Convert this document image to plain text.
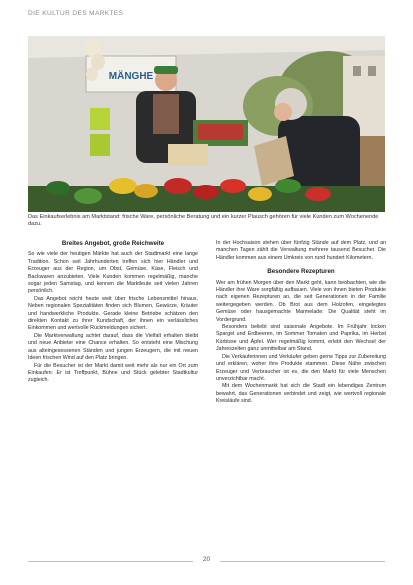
DIE KULTUR DES MARKTES
MÄNGHE
Das Einkaufserlebnis am Marktstand: frische Ware, persönliche Beratung und ein kurzer Plausch gehören für viele Kunden zum Wochenende dazu.
Breites Angebot, große Reichweite

So wie viele der heutigen Märkte hat auch der Stadtmarkt eine lange Tradition. Schon seit Jahrhunderten treffen sich hier Händler und Erzeuger aus der Region, um Obst, Gemüse, Käse, Fleisch und Backwaren anzubieten. Viele Kunden kommen regelmäßig, manche sogar jeden Samstag, und kennen die Marktleute seit vielen Jahren persönlich.

Das Angebot reicht heute weit über frische Lebensmittel hinaus. Neben regionalen Spezialitäten finden sich Blumen, Gewürze, Kräuter und handwerkliche Produkte. Gerade kleine Betriebe schätzen den direkten Kontakt zu ihrer Kundschaft, der ihnen ein verlässliches Einkommen und wertvolle Rückmeldungen sichert.

Die Marktverwaltung achtet darauf, dass die Vielfalt erhalten bleibt und neue Anbieter eine Chance erhalten. So entsteht eine Mischung aus alteingesessenen Ständen und jungen Erzeugern, die mit neuen Ideen frischen Wind auf den Platz bringen.

Für die Besucher ist der Markt damit weit mehr als nur ein Ort zum Einkaufen: Er ist Treffpunkt, Bühne und Stück gelebter Stadtkultur zugleich.

In der Hochsaison stehen über fünfzig Stände auf dem Platz, und an manchen Tagen zählt die Verwaltung mehrere tausend Besucher. Die Händler kommen aus einem Umkreis von rund hundert Kilometern.

Besondere Rezepturen

Wer am frühen Morgen über den Markt geht, kann beobachten, wie die Händler ihre Ware sorgfältig aufbauen. Viele von ihnen bieten Produkte nach eigenen Rezepturen an, die seit Generationen in der Familie weitergegeben werden. Ob Brot aus dem Holzofen, eingelegtes Gemüse oder hausgemachte Marmelade: Die Qualität steht im Vordergrund.

Besonders beliebt sind saisonale Angebote. Im Frühjahr locken Spargel und Erdbeeren, im Sommer Tomaten und Paprika, im Herbst Kürbisse und Äpfel. Wer regelmäßig kommt, erlebt den Wechsel der Jahreszeiten ganz unmittelbar am Stand.

Die Verkäuferinnen und Verkäufer geben gerne Tipps zur Zubereitung und erklären, woher ihre Produkte stammen. Diese Nähe zwischen Erzeuger und Verbraucher ist es, die den Markt für viele Menschen unverzichtbar macht.

Mit dem Wochenmarkt hat sich die Stadt ein lebendiges Zentrum bewahrt, das Generationen verbindet und zeigt, wie wertvoll regionale Kreisläufe sind.

20
